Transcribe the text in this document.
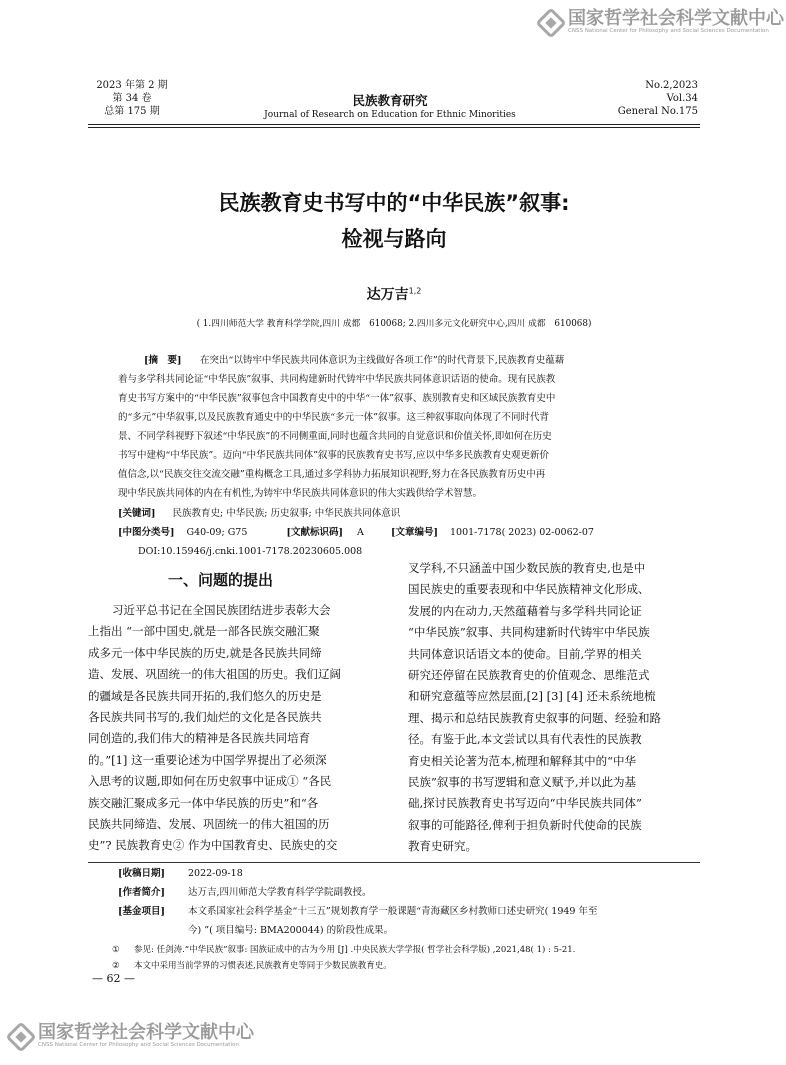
国家哲学社会科学文献中心
CNSS National Center for Philosophy and Social Sciences Documentation
2023 年第 2 期
第 34 卷
总第 175 期
民族教育研究
Journal of Research on Education for Ethnic Minorities
No.2,2023
Vol.34
General No.175
民族教育史书写中的“中华民族”叙事:
检视与路向
达万吉$^{1,2}$
( 1.四川师范大学 教育科学学院,四川 成都　610068; 2.四川多元文化研究中心,四川 成都　610068)
[摘　要]	在突出“以铸牢中华民族共同体意识为主线做好各项工作”的时代背景下,民族教育史蕴藉
着与多学科共同论证“中华民族”叙事、共同构建新时代铸牢中华民族共同体意识话语的使命。现有民族教
育史书写方案中的“中华民族”叙事包含中国教育史中的中华“一体”叙事、族别教育史和区域民族教育史中
的“多元”中华叙事,以及民族教育通史中的中华民族“多元一体”叙事。这三种叙事取向体现了不同时代背
景、不同学科视野下叙述“中华民族”的不同侧重面,同时也蕴含共同的自觉意识和价值关怀,即如何在历史
书写中建构“中华民族”。迈向“中华民族共同体”叙事的民族教育史书写,应以中华多民族教育史观更新价
值信念,以“民族交往交流交融”重构概念工具,通过多学科协力拓展知识视野,努力在各民族教育历史中再
现中华民族共同体的内在有机性,为铸牢中华民族共同体意识的伟大实践供给学术智慧。
[关键词] 民族教育史; 中华民族; 历史叙事; 中华民族共同体意识
[中图分类号] G40-09; G75	[文献标识码] A	[文章编号] 1001-7178( 2023) 02-0062-07
DOI:10.15946/j.cnki.1001-7178.20230605.008
一、问题的提出

习近平总书记在全国民族团结进步表彰大会

上指出 “一部中国史,就是一部各民族交融汇聚

成多元一体中华民族的历史,就是各民族共同缔

造、发展、巩固统一的伟大祖国的历史。我们辽阔

的疆域是各民族共同开拓的,我们悠久的历史是

各民族共同书写的,我们灿烂的文化是各民族共

同创造的,我们伟大的精神是各民族共同培育

的。”[1] 这一重要论述为中国学界提出了必须深

入思考的议题,即如何在历史叙事中证成① “各民

族交融汇聚成多元一体中华民族的历史”和“各

民族共同缔造、发展、巩固统一的伟大祖国的历

史”? 民族教育史② 作为中国教育史、民族史的交

叉学科,不只涵盖中国少数民族的教育史,也是中

国民族史的重要表现和中华民族精神文化形成、

发展的内在动力,天然蕴藉着与多学科共同论证

“中华民族”叙事、共同构建新时代铸牢中华民族

共同体意识话语文本的使命。目前,学界的相关

研究还停留在民族教育史的价值观念、思维范式

和研究意蕴等应然层面,[2] [3] [4] 还未系统地梳

理、揭示和总结民族教育史叙事的问题、经验和路

径。有鉴于此,本文尝试以具有代表性的民族教

育史相关论著为范本,梳理和解释其中的“中华

民族”叙事的书写逻辑和意义赋予,并以此为基

础,探讨民族教育史书写迈向“中华民族共同体”

叙事的可能路径,俾利于担负新时代使命的民族

教育史研究。

[收稿日期]	2022-09-18
[作者简介]	达万吉,四川师范大学教育科学学院副教授。
[基金项目]	本文系国家社会科学基金“十三五”规划教育学一般课题“青海藏区乡村教师口述史研究( 1949 年至
今) ”( 项目编号: BMA200044) 的阶段性成果。
① 参见: 任剑涛.“中华民族”叙事: 国族证成中的古为今用 [J] .中央民族大学学报( 哲学社会科学版) ,2021,48( 1) : 5-21.
② 本文中采用当前学界的习惯表述,民族教育史等同于少数民族教育史。
— 62 —
国家哲学社会科学文献中心
CNSS National Center for Philosophy and Social Sciences Documentation
